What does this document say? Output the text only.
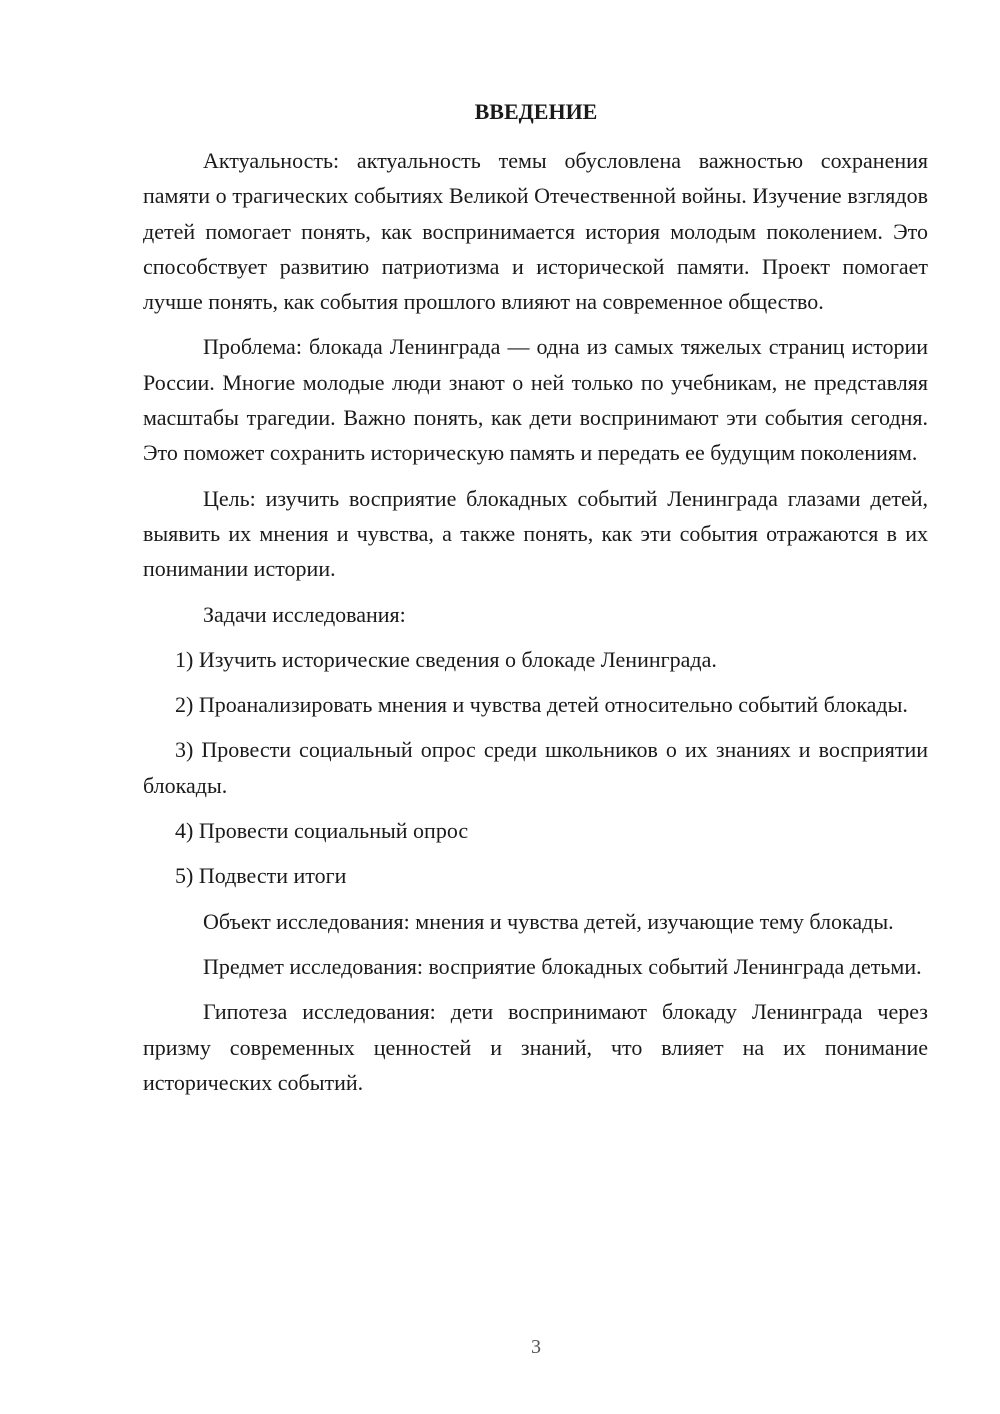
ВВЕДЕНИЕ

Актуальность: актуальность темы обусловлена важностью сохранения памяти о трагических событиях Великой Отечественной войны. Изучение взглядов детей помогает понять, как воспринимается история молодым поколением. Это способствует развитию патриотизма и исторической памяти. Проект помогает лучше понять, как события прошлого влияют на современное общество.

Проблема: блокада Ленинграда — одна из самых тяжелых страниц истории России. Многие молодые люди знают о ней только по учебникам, не представляя масштабы трагедии. Важно понять, как дети воспринимают эти события сегодня. Это поможет сохранить историческую память и передать ее будущим поколениям.

Цель: изучить восприятие блокадных событий Ленинграда глазами детей, выявить их мнения и чувства, а также понять, как эти события отражаются в их понимании истории.

Задачи исследования:

1) Изучить исторические сведения о блокаде Ленинграда.

2) Проанализировать мнения и чувства детей относительно событий блокады.

3) Провести социальный опрос среди школьников о их знаниях и восприятии блокады.

4) Провести социальный опрос

5) Подвести итоги

Объект исследования: мнения и чувства детей, изучающие тему блокады.

Предмет исследования: восприятие блокадных событий Ленинграда детьми.

Гипотеза исследования: дети воспринимают блокаду Ленинграда через призму современных ценностей и знаний, что влияет на их понимание исторических событий.

3
